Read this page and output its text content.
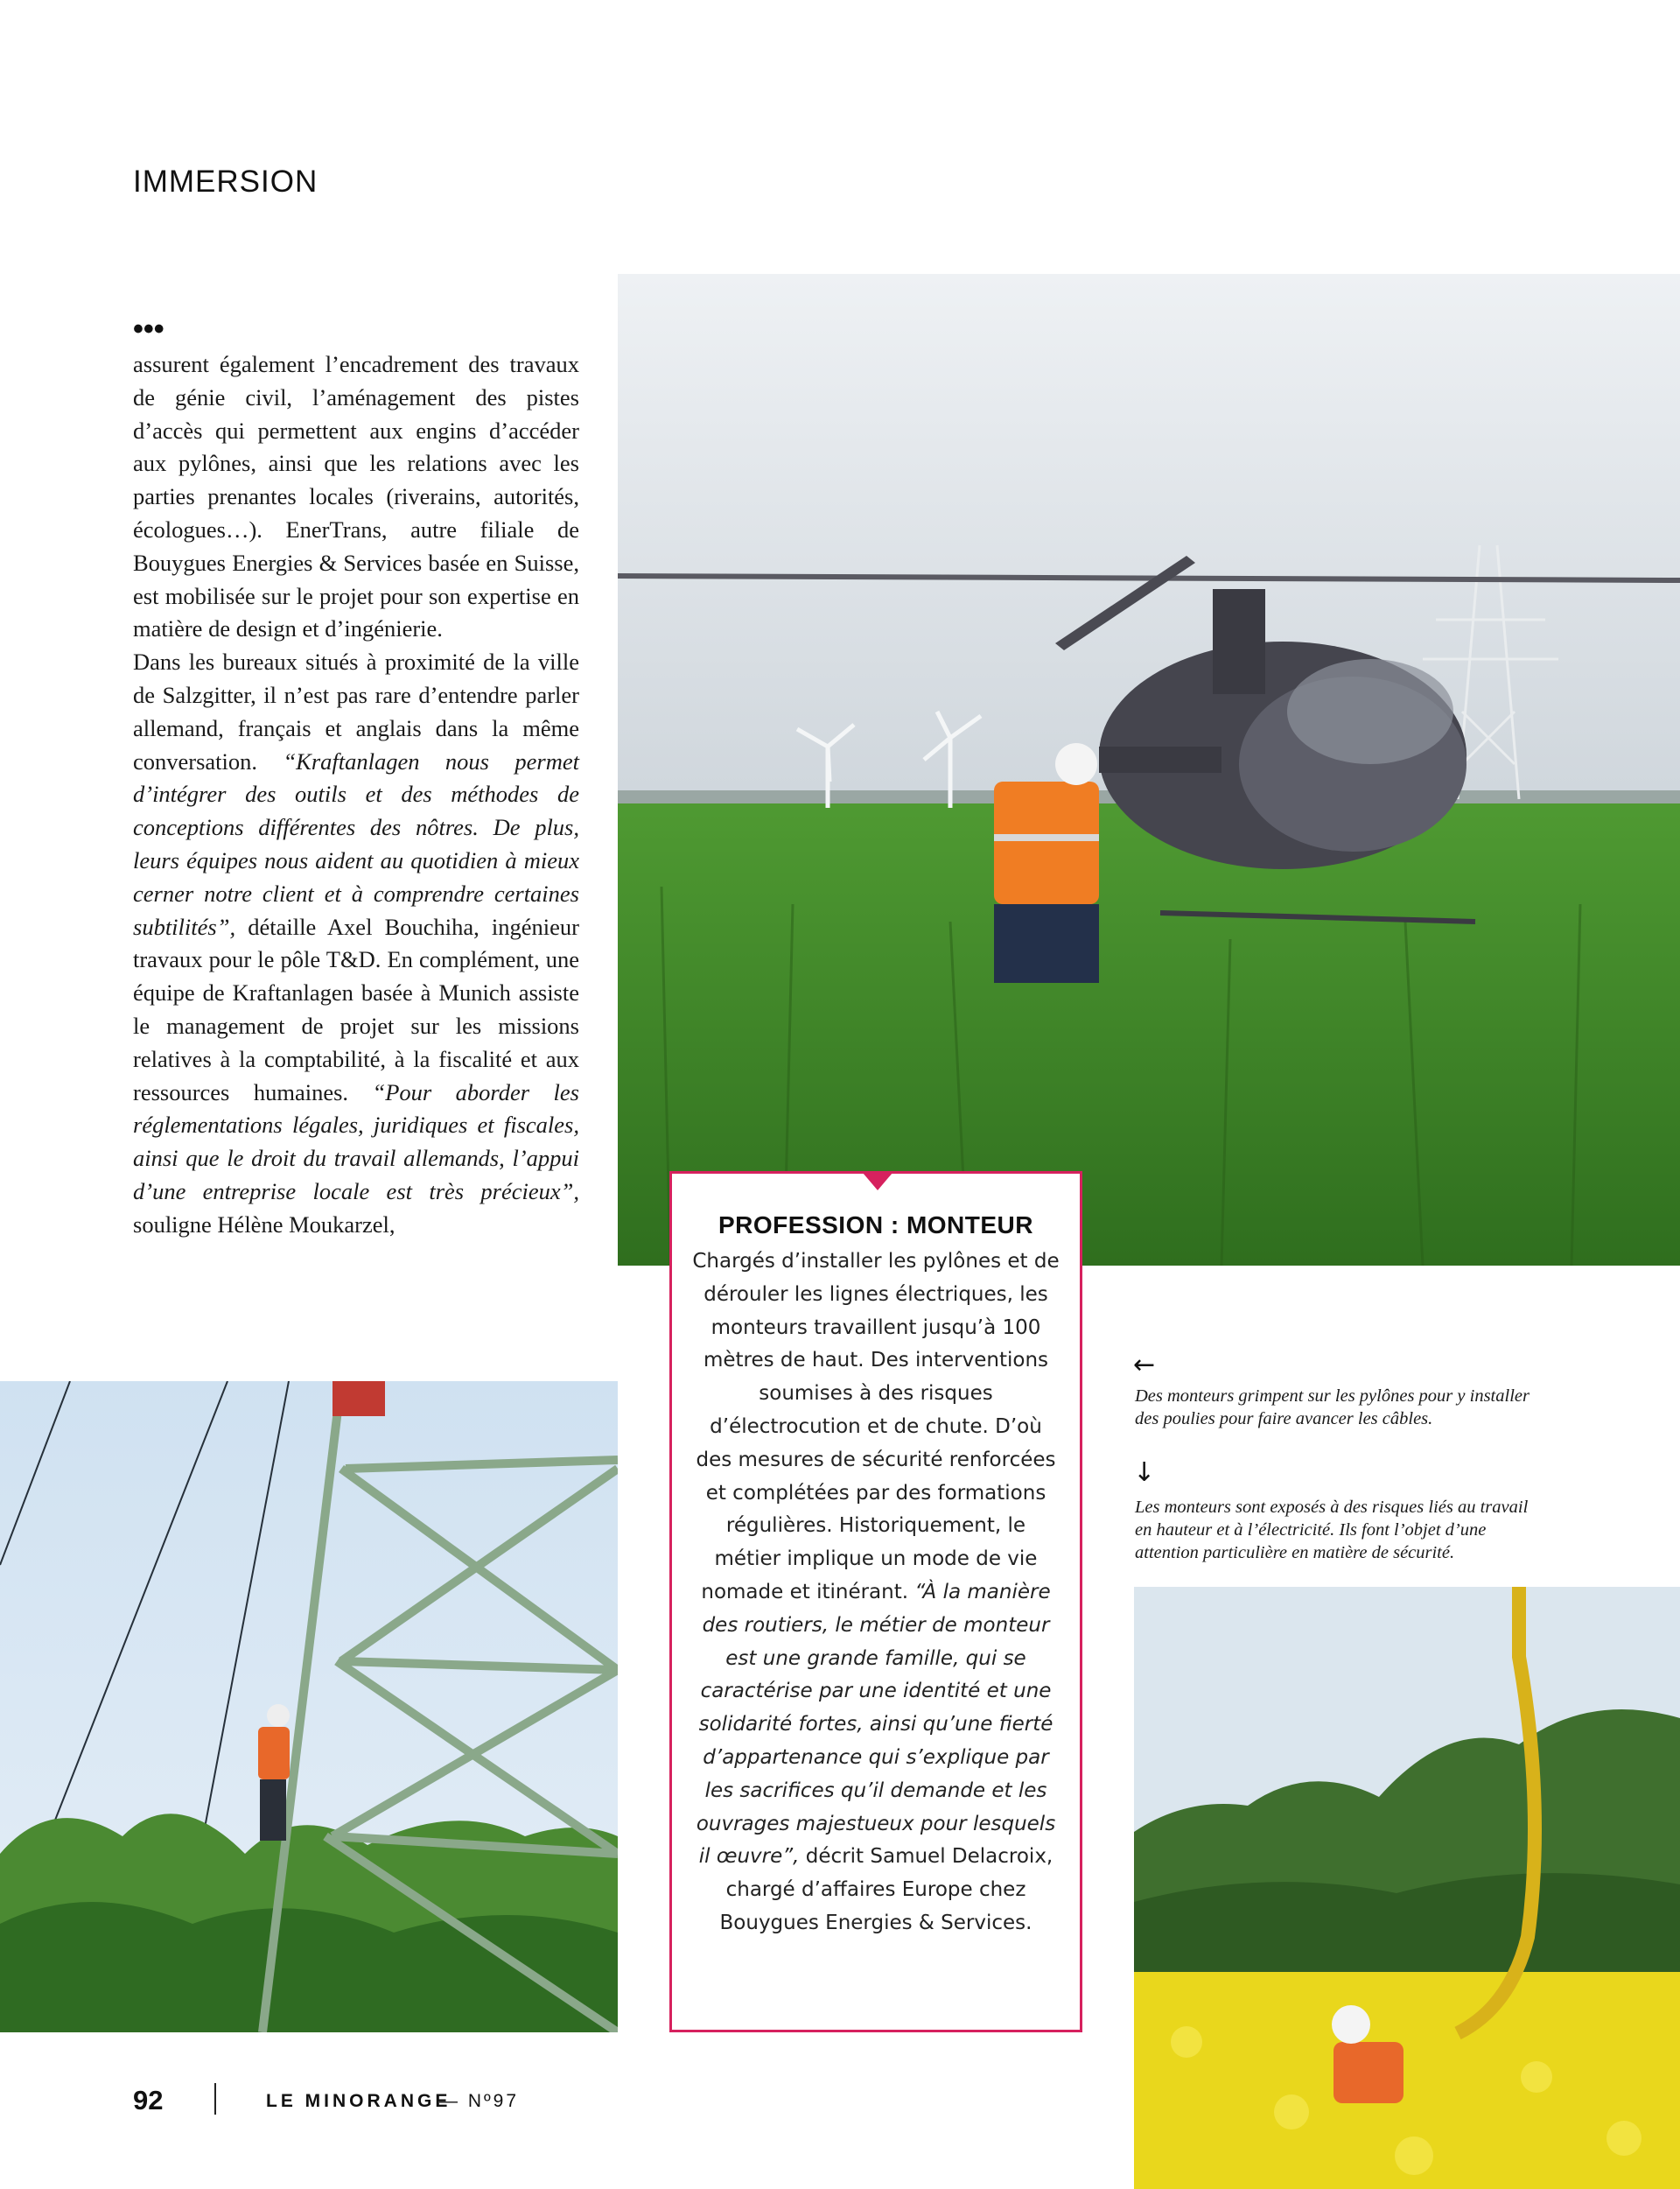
IMMERSION
•••

assurent également l’encadrement des travaux de génie civil, l’aménagement des pistes d’accès qui permettent aux engins d’accéder aux pylônes, ainsi que les relations avec les parties prenantes locales (riverains, autorités, écologues…). EnerTrans, autre filiale de Bouygues Energies & Services basée en Suisse, est mobilisée sur le projet pour son expertise en matière de design et d’ingénierie.

Dans les bureaux situés à proximité de la ville de Salzgitter, il n’est pas rare d’entendre parler allemand, français et anglais dans la même conversation. “Kraftanlagen nous permet d’intégrer des outils et des méthodes de conceptions différentes des nôtres. De plus, leurs équipes nous aident au quotidien à mieux cerner notre client et à comprendre certaines subtilités”, détaille Axel Bouchiha, ingénieur travaux pour le pôle T&D. En complément, une équipe de Kraftanlagen basée à Munich assiste le management de projet sur les missions relatives à la comptabilité, à la fiscalité et aux ressources humaines. “Pour aborder les réglementations légales, juridiques et fiscales, ainsi que le droit du travail allemands, l’appui d’une entreprise locale est très précieux”, souligne Hélène Moukarzel,	PROFESSION : MONTEUR
Chargés d’installer les pylônes et de dérouler les lignes électriques, les monteurs travaillent jusqu’à 100 mètres de haut. Des interventions soumises à des risques d’électrocution et de chute. D’où des mesures de sécurité renforcées et complétées par des formations régulières. Historiquement, le métier implique un mode de vie nomade et itinérant. “À la manière des routiers, le métier de monteur est une grande famille, qui se caractérise par une identité et une solidarité fortes, ainsi qu’une fierté d’appartenance qui s’explique par les sacrifices qu’il demande et les ouvrages majestueux pour lesquels il œuvre”, décrit Samuel Delacroix, chargé d’affaires Europe chez Bouygues Energies & Services.
←
Des monteurs grimpent sur les pylônes pour y installer des poulies pour faire avancer les câbles.
↓
Les monteurs sont exposés à des risques liés au travail en hauteur et à l’électricité. Ils font l’objet d’une attention particulière en matière de sécurité.
92	LE MINORANGE
— Nº97
